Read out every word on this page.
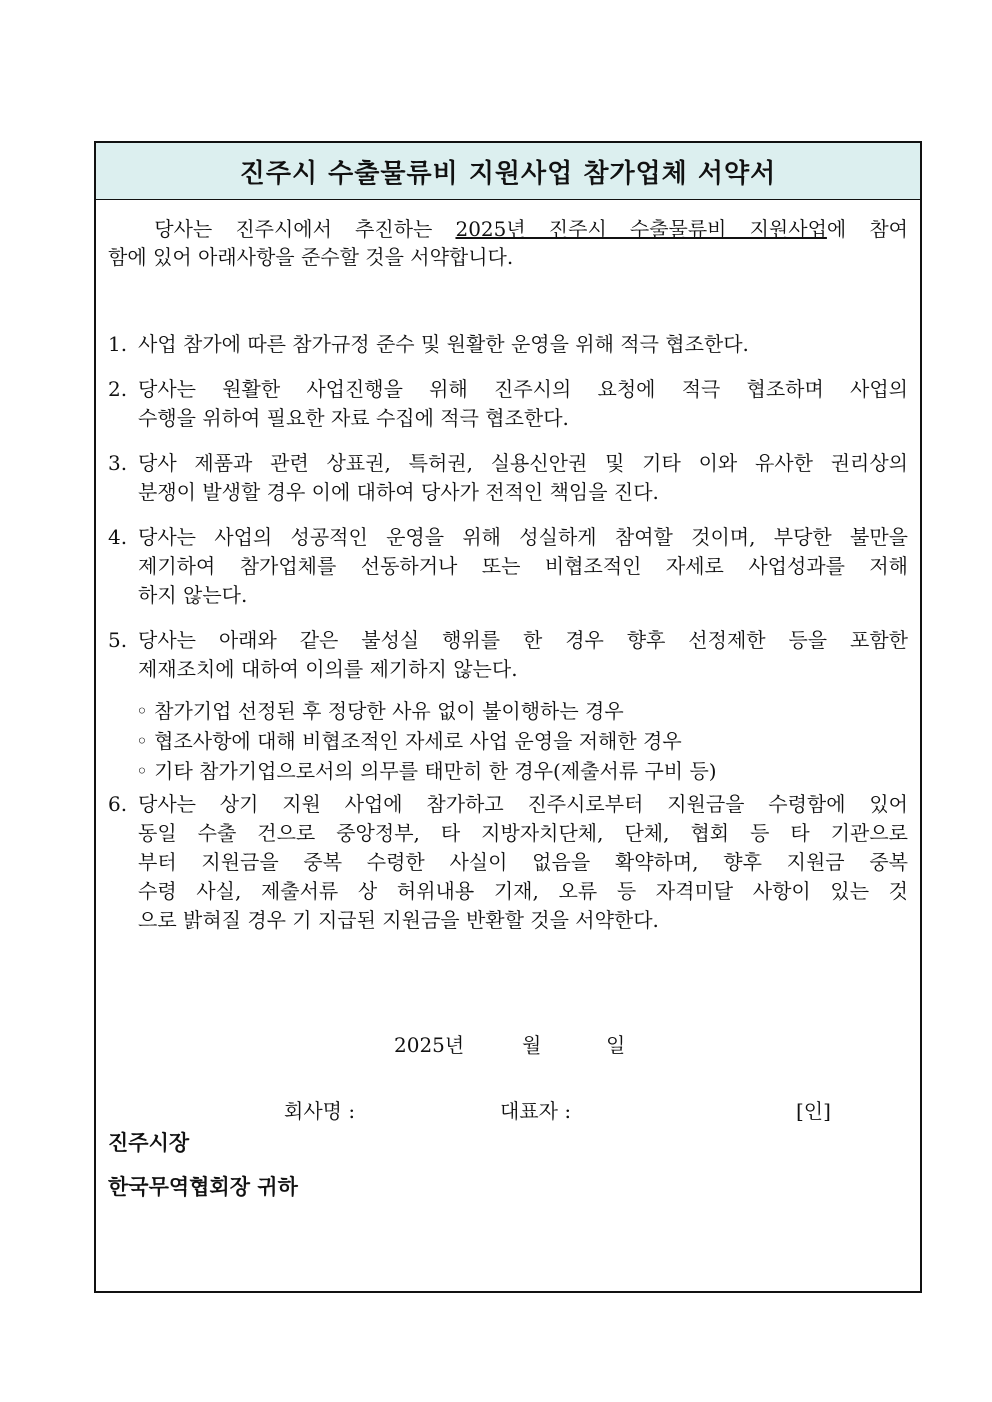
진주시 수출물류비 지원사업 참가업체 서약서
당사는 진주시에서 추진하는 2025년 진주시 수출물류비 지원사업에 참여
함에 있어 아래사항을 준수할 것을 서약합니다.
1. 사업 참가에 따른 참가규정 준수 및 원활한 운영을 위해 적극 협조한다.
2. 당사는 원활한 사업진행을 위해 진주시의 요청에 적극 협조하며 사업의
수행을 위하여 필요한 자료 수집에 적극 협조한다.
3. 당사 제품과 관련 상표권, 특허권, 실용신안권 및 기타 이와 유사한 권리상의
분쟁이 발생할 경우 이에 대하여 당사가 전적인 책임을 진다.
4. 당사는 사업의 성공적인 운영을 위해 성실하게 참여할 것이며, 부당한 불만을
제기하여 참가업체를 선동하거나 또는 비협조적인 자세로 사업성과를 저해
하지 않는다.
5. 당사는 아래와 같은 불성실 행위를 한 경우 향후 선정제한 등을 포함한
제재조치에 대하여 이의를 제기하지 않는다.
◦ 참가기업 선정된 후 정당한 사유 없이 불이행하는 경우
◦ 협조사항에 대해 비협조적인 자세로 사업 운영을 저해한 경우
◦ 기타 참가기업으로서의 의무를 태만히 한 경우(제출서류 구비 등)
6. 당사는 상기 지원 사업에 참가하고 진주시로부터 지원금을 수령함에 있어
동일 수출 건으로 중앙정부, 타 지방자치단체, 단체, 협회 등 타 기관으로
부터 지원금을 중복 수령한 사실이 없음을 확약하며, 향후 지원금 중복
수령 사실, 제출서류 상 허위내용 기재, 오류 등 자격미달 사항이 있는 것
으로 밝혀질 경우 기 지급된 지원금을 반환할 것을 서약한다.
2025년	월	일
회사명 :	대표자 :	[인]
진주시장
한국무역협회장 귀하
